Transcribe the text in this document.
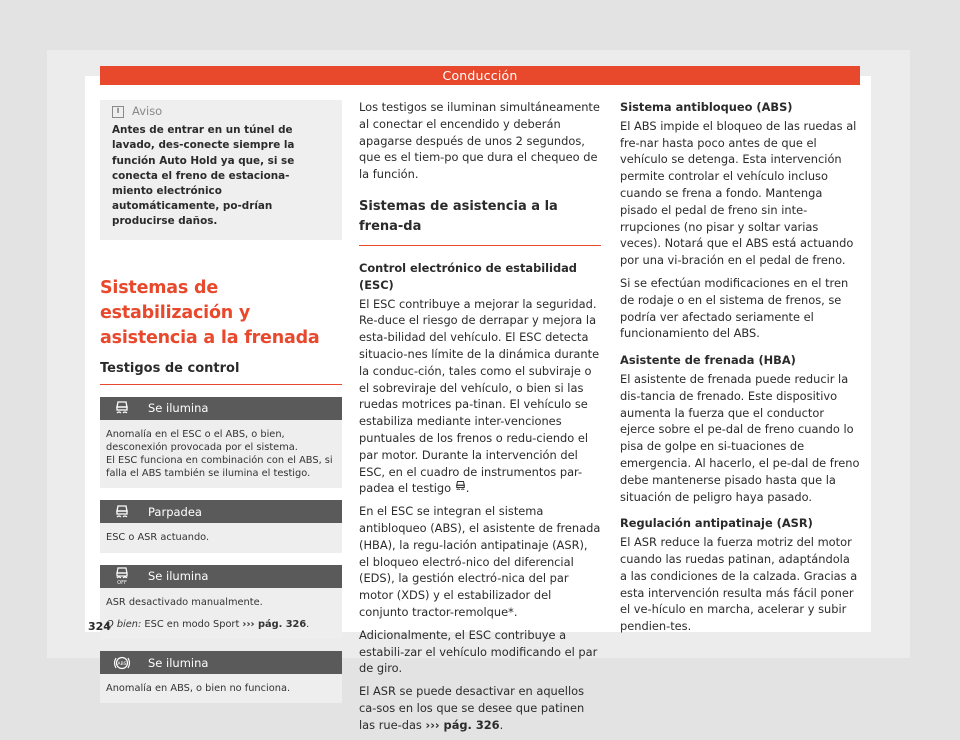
Conducción
i	Aviso

Antes de entrar en un túnel de lavado, des-conecte siempre la función Auto Hold ya que, si se conecta el freno de estaciona-miento electrónico automáticamente, po-drían producirse daños.

Sistemas de estabilización y asistencia a la frenada
Testigos de control
Se ilumina

Anomalía en el ESC o el ABS, o bien, desconexión provocada por el sistema.

El ESC funciona en combinación con el ABS, si falla el ABS también se ilumina el testigo.

Parpadea

ESC o ASR actuando.

OFF	Se ilumina

ASR desactivado manualmente.

O bien: ESC en modo Sport ››› pág. 326.

ABS	Se ilumina

Anomalía en ABS, o bien no funciona.

Los testigos se iluminan simultáneamente al conectar el encendido y deberán apagarse después de unos 2 segundos, que es el tiem-po que dura el chequeo de la función.

Sistemas de asistencia a la frena-da

Control electrónico de estabilidad (ESC)

El ESC contribuye a mejorar la seguridad. Re-duce el riesgo de derrapar y mejora la esta-bilidad del vehículo. El ESC detecta situacio-nes límite de la dinámica durante la conduc-ción, tales como el subviraje o el sobreviraje del vehículo, o bien si las ruedas motrices pa-tinan. El vehículo se estabiliza mediante inter-venciones puntuales de los frenos o redu-ciendo el par motor. Durante la intervención del ESC, en el cuadro de instrumentos par-padea el testigo .

En el ESC se integran el sistema antibloqueo (ABS), el asistente de frenada (HBA), la regu-lación antipatinaje (ASR), el bloqueo electró-nico del diferencial (EDS), la gestión electró-nica del par motor (XDS) y el estabilizador del conjunto tractor-remolque*.

Adicionalmente, el ESC contribuye a estabili-zar el vehículo modificando el par de giro.

El ASR se puede desactivar en aquellos ca-sos en los que se desee que patinen las rue-das ››› pág. 326.

Sistema antibloqueo (ABS)

El ABS impide el bloqueo de las ruedas al fre-nar hasta poco antes de que el vehículo se detenga. Esta intervención permite controlar el vehículo incluso cuando se frena a fondo. Mantenga pisado el pedal de freno sin inte-rrupciones (no pisar y soltar varias veces). Notará que el ABS está actuando por una vi-bración en el pedal de freno.

Si se efectúan modificaciones en el tren de rodaje o en el sistema de frenos, se podría ver afectado seriamente el funcionamiento del ABS.

Asistente de frenada (HBA)

El asistente de frenada puede reducir la dis-tancia de frenado. Este dispositivo aumenta la fuerza que el conductor ejerce sobre el pe-dal de freno cuando lo pisa de golpe en si-tuaciones de emergencia. Al hacerlo, el pe-dal de freno debe mantenerse pisado hasta que la situación de peligro haya pasado.

Regulación antipatinaje (ASR)

El ASR reduce la fuerza motriz del motor cuando las ruedas patinan, adaptándola a las condiciones de la calzada. Gracias a esta intervención resulta más fácil poner el ve-hículo en marcha, acelerar y subir pendien-tes.

324
